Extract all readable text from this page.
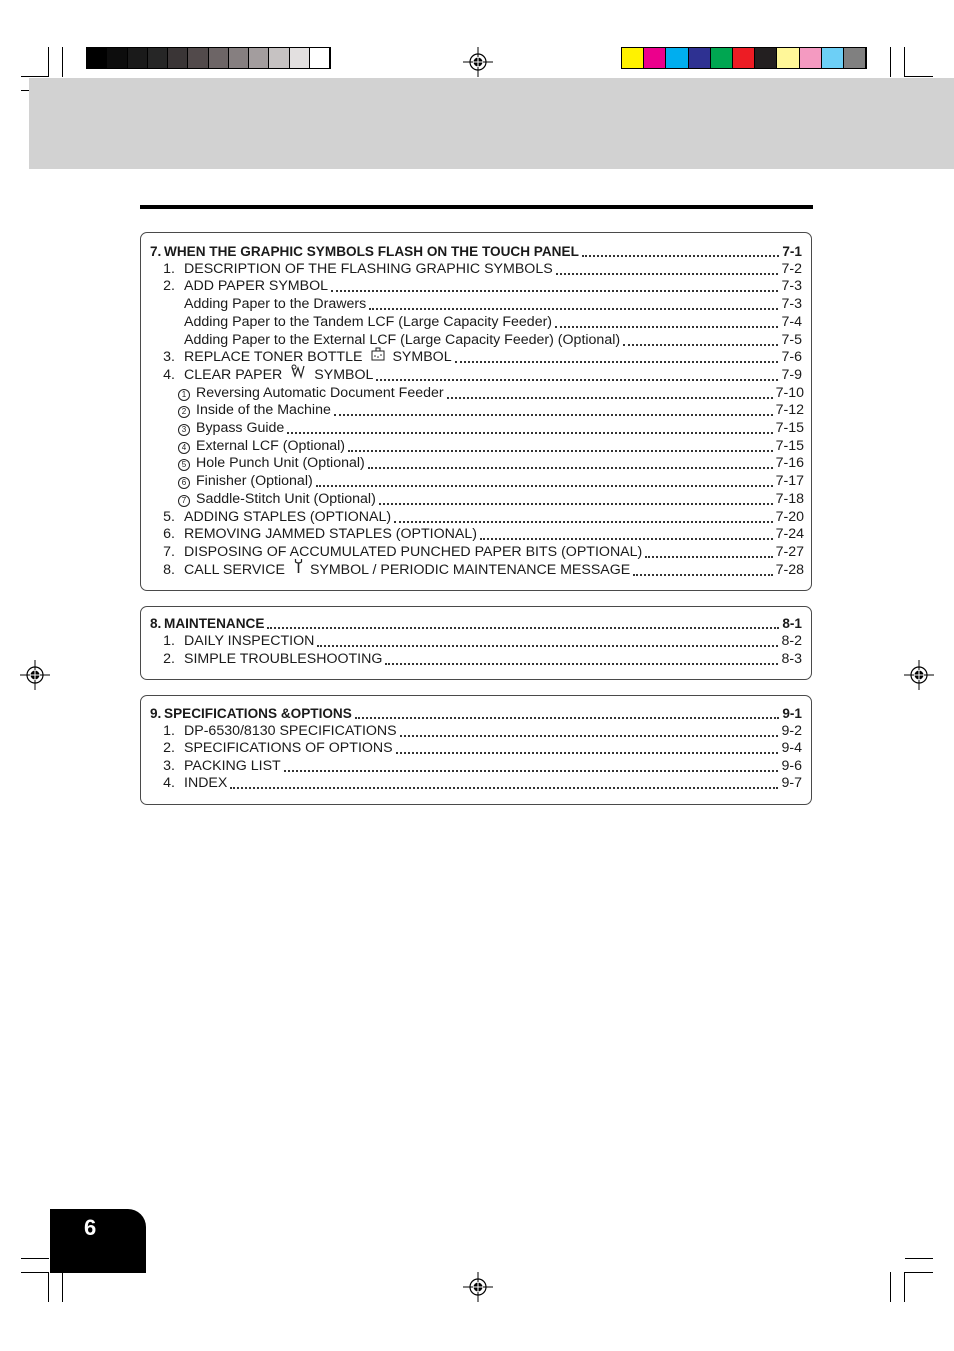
7. WHEN THE GRAPHIC SYMBOLS FLASH ON THE TOUCH PANEL	7-1
1. DESCRIPTION OF THE FLASHING GRAPHIC SYMBOLS	7-2
2. ADD PAPER SYMBOL	7-3
Adding Paper to the Drawers	7-3
Adding Paper to the Tandem LCF (Large Capacity Feeder)	7-4
Adding Paper to the External LCF (Large Capacity Feeder) (Optional)	7-5
3. REPLACE TONER BOTTLE SYMBOL	7-6
4. CLEAR PAPER SYMBOL	7-9
1 Reversing Automatic Document Feeder	7-10
2 Inside of the Machine	7-12
3 Bypass Guide	7-15
4 External LCF (Optional)	7-15
5 Hole Punch Unit (Optional)	7-16
6 Finisher (Optional)	7-17
7 Saddle-Stitch Unit (Optional)	7-18
5. ADDING STAPLES (OPTIONAL)	7-20
6. REMOVING JAMMED STAPLES (OPTIONAL)	7-24
7. DISPOSING OF ACCUMULATED PUNCHED PAPER BITS (OPTIONAL)	7-27
8. CALL SERVICE SYMBOL / PERIODIC MAINTENANCE MESSAGE	7-28
8. MAINTENANCE	8-1
1. DAILY INSPECTION	8-2
2. SIMPLE TROUBLESHOOTING	8-3
9. SPECIFICATIONS &OPTIONS	9-1
1. DP-6530/8130 SPECIFICATIONS	9-2
2. SPECIFICATIONS OF OPTIONS	9-4
3. PACKING LIST	9-6
4. INDEX	9-7
6
